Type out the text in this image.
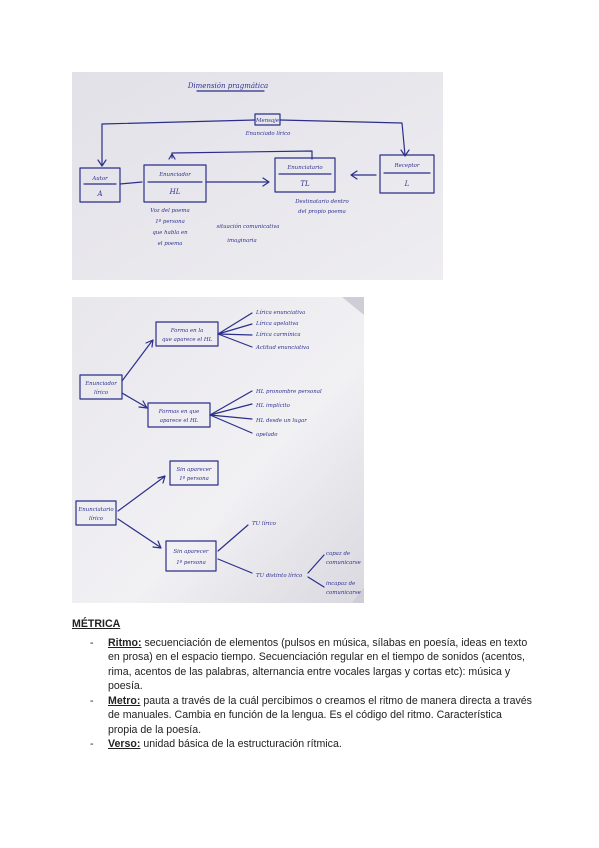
Dimensión pragmática
Mensaje
Enunciado lírico
Autor
A
Enunciador
HL
Enunciatario
TL
Receptor
L
Voz del poema
1º persona
que habla en
el poema
situación comunicativa
imaginaria
Destinatario dentro
del propio poema
Enunciador
lírico
Forma en la
que aparece el HL
Lírica enunciativa
Lírica apelativa
Lírica carmínica
Actitud enunciativa
Formas en que
aparece el HL
HL pronombre personal
HL implícito
HL desde un lugar
apelado
Enunciatario
lírico
Sin aparecer
1º persona
Sin aparecer
1º persona
TU lírico
TU distinto lírico
capaz de
comunicarse
incapaz de
comunicarse

MÉTRICA

- Ritmo: secuenciación de elementos (pulsos en música, sílabas en poesía, ideas en texto en prosa) en el espacio tiempo. Secuenciación regular en el tiempo de sonidos (acentos, rima, acentos de las palabras, alternancia entre vocales largas y cortas etc): música y poesía.

- Metro: pauta a través de la cuál percibimos o creamos el ritmo de manera directa a través de manuales. Cambia en función de la lengua. Es el código del ritmo. Característica propia de la poesía.

- Verso: unidad básica de la estructuración rítmica.
